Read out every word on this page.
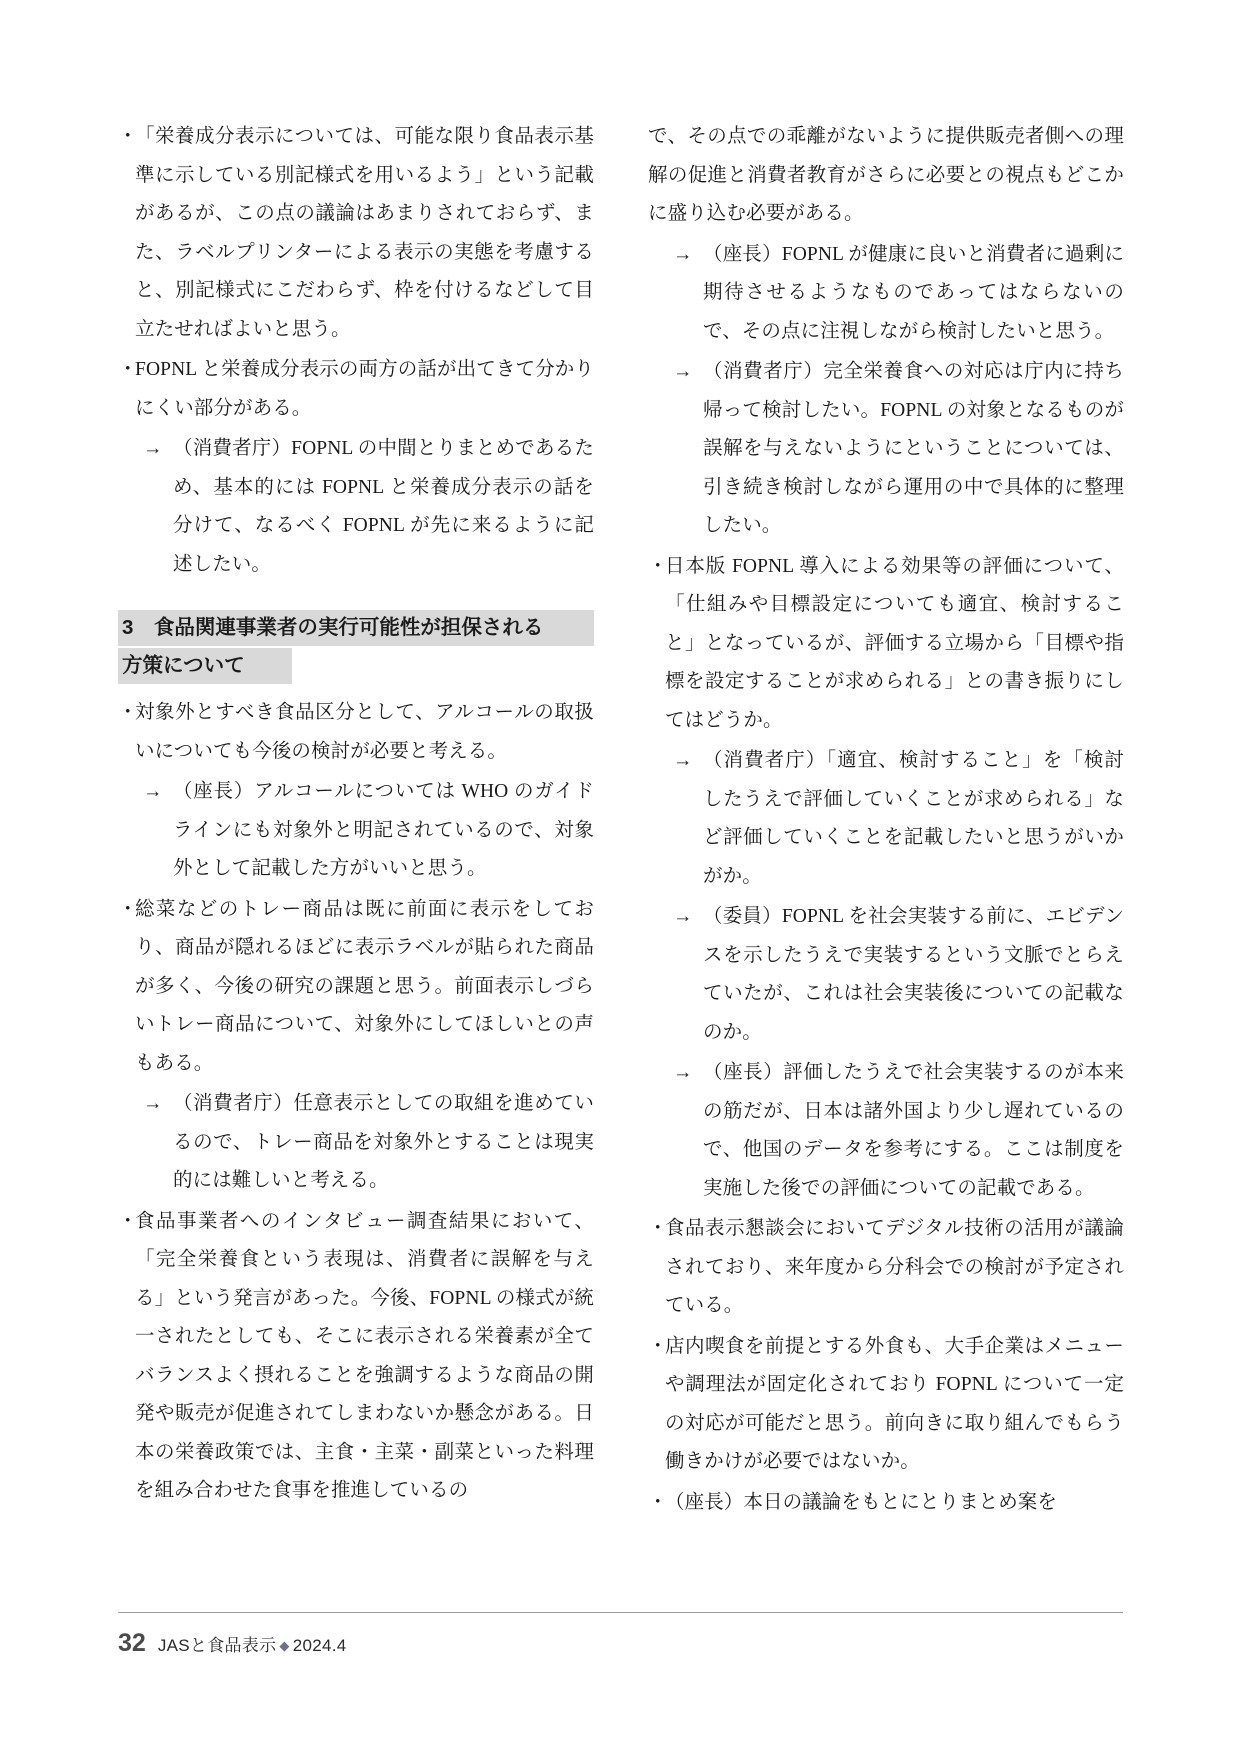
・
「栄養成分表示については、可能な限り食品表示基準に示している別記様式を用いるよう」という記載があるが、この点の議論はあまりされておらず、また、ラベルプリンターによる表示の実態を考慮すると、別記様式にこだわらず、枠を付けるなどして目立たせればよいと思う。
・
FOPNL と栄養成分表示の両方の話が出てきて分かりにくい部分がある。
→ （消費者庁）FOPNL の中間とりまとめであるため、基本的には FOPNL と栄養成分表示の話を分けて、なるべく FOPNL が先に来るように記述したい。
3　食品関連事業者の実行可能性が担保される
方策について
・
対象外とすべき食品区分として、アルコールの取扱いについても今後の検討が必要と考える。
→ （座長）アルコールについては WHO のガイドラインにも対象外と明記されているので、対象外として記載した方がいいと思う。
・
総菜などのトレー商品は既に前面に表示をしており、商品が隠れるほどに表示ラベルが貼られた商品が多く、今後の研究の課題と思う。前面表示しづらいトレー商品について、対象外にしてほしいとの声もある。
→ （消費者庁）任意表示としての取組を進めているので、トレー商品を対象外とすることは現実的には難しいと考える。
・
食品事業者へのインタビュー調査結果において、「完全栄養食という表現は、消費者に誤解を与える」という発言があった。今後、FOPNL の様式が統一されたとしても、そこに表示される栄養素が全てバランスよく摂れることを強調するような商品の開発や販売が促進されてしまわないか懸念がある。日本の栄養政策では、主食・主菜・副菜といった料理を組み合わせた食事を推進しているの
で、その点での乖離がないように提供販売者側への理解の促進と消費者教育がさらに必要との視点もどこかに盛り込む必要がある。
→ （座長）FOPNL が健康に良いと消費者に過剰に期待させるようなものであってはならないので、その点に注視しながら検討したいと思う。
→ （消費者庁）完全栄養食への対応は庁内に持ち帰って検討したい。FOPNL の対象となるものが誤解を与えないようにということについては、引き続き検討しながら運用の中で具体的に整理したい。
・
日本版 FOPNL 導入による効果等の評価について、「仕組みや目標設定についても適宜、検討すること」となっているが、評価する立場から「目標や指標を設定することが求められる」との書き振りにしてはどうか。
→ （消費者庁）「適宜、検討すること」を「検討したうえで評価していくことが求められる」など評価していくことを記載したいと思うがいかがか。
→ （委員）FOPNL を社会実装する前に、エビデンスを示したうえで実装するという文脈でとらえていたが、これは社会実装後についての記載なのか。
→ （座長）評価したうえで社会実装するのが本来の筋だが、日本は諸外国より少し遅れているので、他国のデータを参考にする。ここは制度を実施した後での評価についての記載である。
・
食品表示懇談会においてデジタル技術の活用が議論されており、来年度から分科会での検討が予定されている。
・
店内喫食を前提とする外食も、大手企業はメニューや調理法が固定化されており FOPNL について一定の対応が可能だと思う。前向きに取り組んでもらう働きかけが必要ではないか。
・
（座長）本日の議論をもとにとりまとめ案を
32 JASと食品表示 ◆ 2024.4
